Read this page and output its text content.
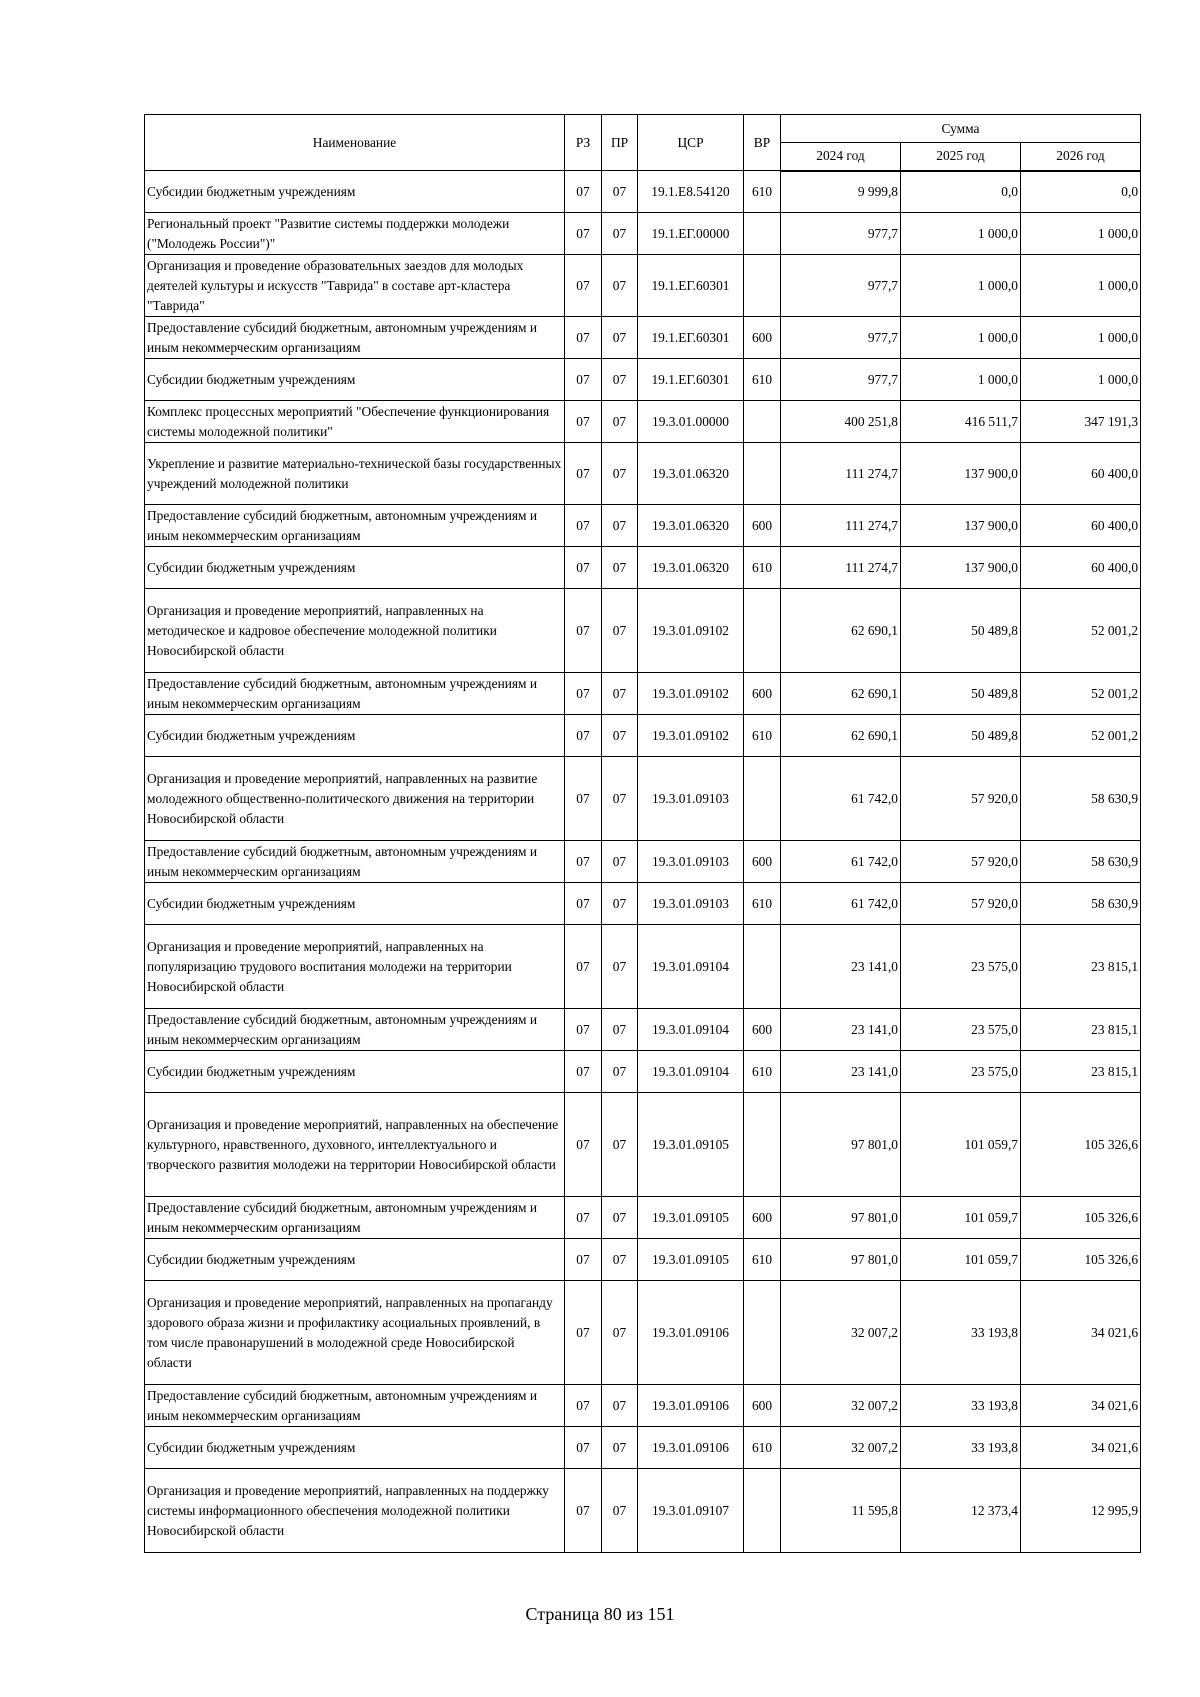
Наименование	РЗ	ПР	ЦСР	ВР	Сумма		
					2024 год	2025 год	2026 год
Субсидии бюджетным учреждениям	07	07	19.1.Е8.54120	610	9 999,8	0,0	0,0
Региональный проект "Развитие системы поддержки молодежи ("Молодежь России")"	07	07	19.1.ЕГ.00000		977,7	1 000,0	1 000,0
Организация и проведение образовательных заездов для молодых деятелей культуры и искусств "Таврида" в составе арт-кластера "Таврида"	07	07	19.1.ЕГ.60301		977,7	1 000,0	1 000,0
Предоставление субсидий бюджетным, автономным учреждениям и иным некоммерческим организациям	07	07	19.1.ЕГ.60301	600	977,7	1 000,0	1 000,0
Субсидии бюджетным учреждениям	07	07	19.1.ЕГ.60301	610	977,7	1 000,0	1 000,0
Комплекс процессных мероприятий "Обеспечение функционирования системы молодежной политики"	07	07	19.3.01.00000		400 251,8	416 511,7	347 191,3
Укрепление и развитие материально-технической базы государственных учреждений молодежной политики	07	07	19.3.01.06320		111 274,7	137 900,0	60 400,0
Предоставление субсидий бюджетным, автономным учреждениям и иным некоммерческим организациям	07	07	19.3.01.06320	600	111 274,7	137 900,0	60 400,0
Субсидии бюджетным учреждениям	07	07	19.3.01.06320	610	111 274,7	137 900,0	60 400,0
Организация и проведение мероприятий, направленных на методическое и кадровое обеспечение молодежной политики Новосибирской области	07	07	19.3.01.09102		62 690,1	50 489,8	52 001,2
Предоставление субсидий бюджетным, автономным учреждениям и иным некоммерческим организациям	07	07	19.3.01.09102	600	62 690,1	50 489,8	52 001,2
Субсидии бюджетным учреждениям	07	07	19.3.01.09102	610	62 690,1	50 489,8	52 001,2
Организация и проведение мероприятий, направленных на развитие молодежного общественно-политического движения на территории Новосибирской области	07	07	19.3.01.09103		61 742,0	57 920,0	58 630,9
Предоставление субсидий бюджетным, автономным учреждениям и иным некоммерческим организациям	07	07	19.3.01.09103	600	61 742,0	57 920,0	58 630,9
Субсидии бюджетным учреждениям	07	07	19.3.01.09103	610	61 742,0	57 920,0	58 630,9
Организация и проведение мероприятий, направленных на популяризацию трудового воспитания молодежи на территории Новосибирской области	07	07	19.3.01.09104		23 141,0	23 575,0	23 815,1
Предоставление субсидий бюджетным, автономным учреждениям и иным некоммерческим организациям	07	07	19.3.01.09104	600	23 141,0	23 575,0	23 815,1
Субсидии бюджетным учреждениям	07	07	19.3.01.09104	610	23 141,0	23 575,0	23 815,1
Организация и проведение мероприятий, направленных на обеспечение культурного, нравственного, духовного, интеллектуального и творческого развития молодежи на территории Новосибирской области	07	07	19.3.01.09105		97 801,0	101 059,7	105 326,6
Предоставление субсидий бюджетным, автономным учреждениям и иным некоммерческим организациям	07	07	19.3.01.09105	600	97 801,0	101 059,7	105 326,6
Субсидии бюджетным учреждениям	07	07	19.3.01.09105	610	97 801,0	101 059,7	105 326,6
Организация и проведение мероприятий, направленных на пропаганду здорового образа жизни и профилактику асоциальных проявлений, в том числе правонарушений в молодежной среде Новосибирской области	07	07	19.3.01.09106		32 007,2	33 193,8	34 021,6
Предоставление субсидий бюджетным, автономным учреждениям и иным некоммерческим организациям	07	07	19.3.01.09106	600	32 007,2	33 193,8	34 021,6
Субсидии бюджетным учреждениям	07	07	19.3.01.09106	610	32 007,2	33 193,8	34 021,6
Организация и проведение мероприятий, направленных на поддержку системы информационного обеспечения молодежной политики Новосибирской области	07	07	19.3.01.09107		11 595,8	12 373,4	12 995,9
Страница 80 из 151
